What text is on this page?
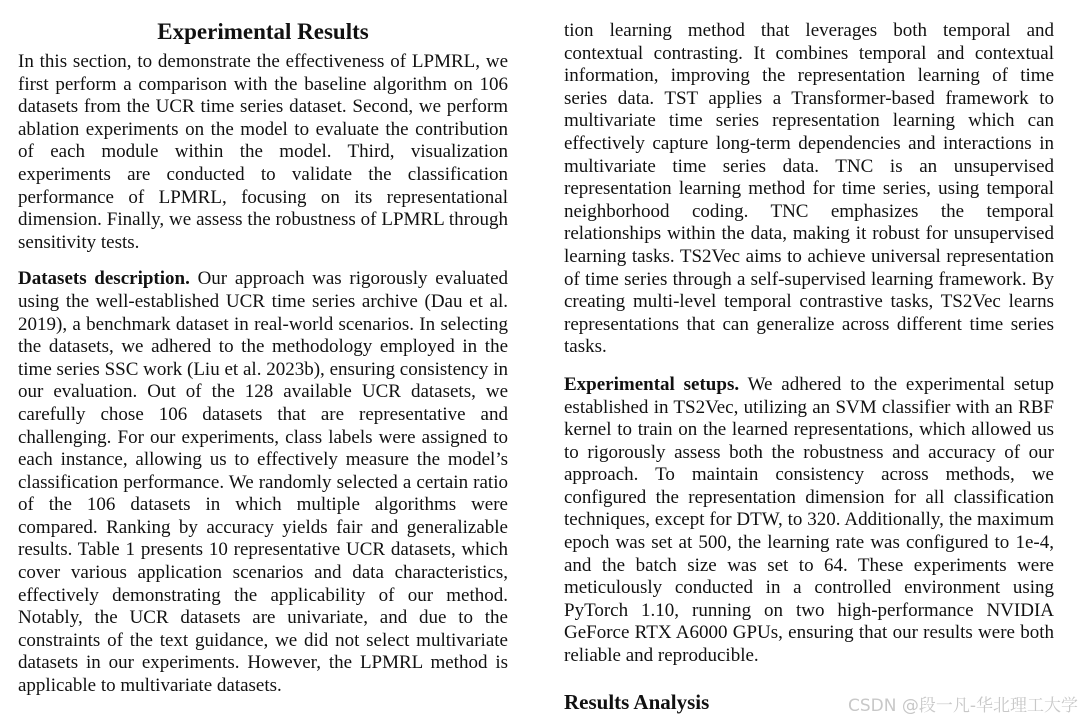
Experimental Results

In this section, to demonstrate the effectiveness of LPMRL, we first perform a comparison with the baseline algorithm on 106 datasets from the UCR time series dataset. Second, we perform ablation experiments on the model to evaluate the contribution of each module within the model. Third, visualization experiments are conducted to validate the classification performance of LPMRL, focusing on its representational dimension. Finally, we assess the robustness of LPMRL through sensitivity tests.

Datasets description. Our approach was rigorously evaluated using the well-established UCR time series archive (Dau et al. 2019), a benchmark dataset in real-world scenarios. In selecting the datasets, we adhered to the methodology employed in the time series SSC work (Liu et al. 2023b), ensuring consistency in our evaluation. Out of the 128 available UCR datasets, we carefully chose 106 datasets that are representative and challenging. For our experiments, class labels were assigned to each instance, allowing us to effectively measure the model’s classification performance. We randomly selected a certain ratio of the 106 datasets in which multiple algorithms were compared. Ranking by accuracy yields fair and generalizable results. Table 1 presents 10 representative UCR datasets, which cover various application scenarios and data characteristics, effectively demonstrating the applicability of our method. Notably, the UCR datasets are univariate, and due to the constraints of the text guidance, we did not select multivariate datasets in our experiments. However, the LPMRL method is applicable to multivariate datasets.

tion learning method that leverages both temporal and contextual contrasting. It combines temporal and contextual information, improving the representation learning of time series data. TST applies a Transformer-based framework to multivariate time series representation learning which can effectively capture long-term dependencies and interactions in multivariate time series data. TNC is an unsupervised representation learning method for time series, using temporal neighborhood coding. TNC emphasizes the temporal relationships within the data, making it robust for unsupervised learning tasks. TS2Vec aims to achieve universal representation of time series through a self-supervised learning framework. By creating multi-level temporal contrastive tasks, TS2Vec learns representations that can generalize across different time series tasks.

Experimental setups. We adhered to the experimental setup established in TS2Vec, utilizing an SVM classifier with an RBF kernel to train on the learned representations, which allowed us to rigorously assess both the robustness and accuracy of our approach. To maintain consistency across methods, we configured the representation dimension for all classification techniques, except for DTW, to 320. Additionally, the maximum epoch was set at 500, the learning rate was configured to 1e-4, and the batch size was set to 64. These experiments were meticulously conducted in a controlled environment using PyTorch 1.10, running on two high-performance NVIDIA GeForce RTX A6000 GPUs, ensuring that our results were both reliable and reproducible.

Results Analysis	CSDN @段一凡-华北理工大学
